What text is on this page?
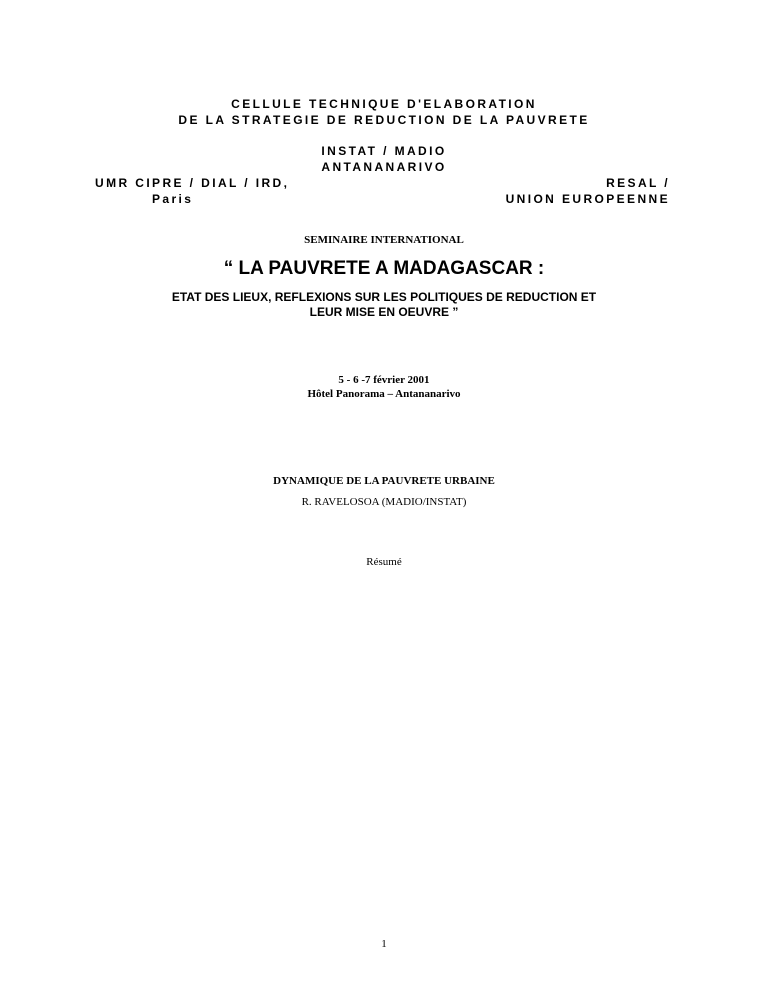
CELLULE TECHNIQUE D'ELABORATION
DE LA STRATEGIE DE REDUCTION DE LA PAUVRETE
INSTAT / MADIO
ANTANANARIVO
UMR CIPRE / DIAL / IRD,
Paris
RESAL /
UNION EUROPEENNE
SEMINAIRE INTERNATIONAL
“ LA PAUVRETE A MADAGASCAR :
ETAT DES LIEUX, REFLEXIONS SUR LES POLITIQUES DE REDUCTION ET
LEUR MISE EN OEUVRE ”
5 - 6 -7 février 2001
Hôtel Panorama – Antananarivo
DYNAMIQUE DE LA PAUVRETE URBAINE
R. RAVELOSOA (MADIO/INSTAT)
Résumé
1
